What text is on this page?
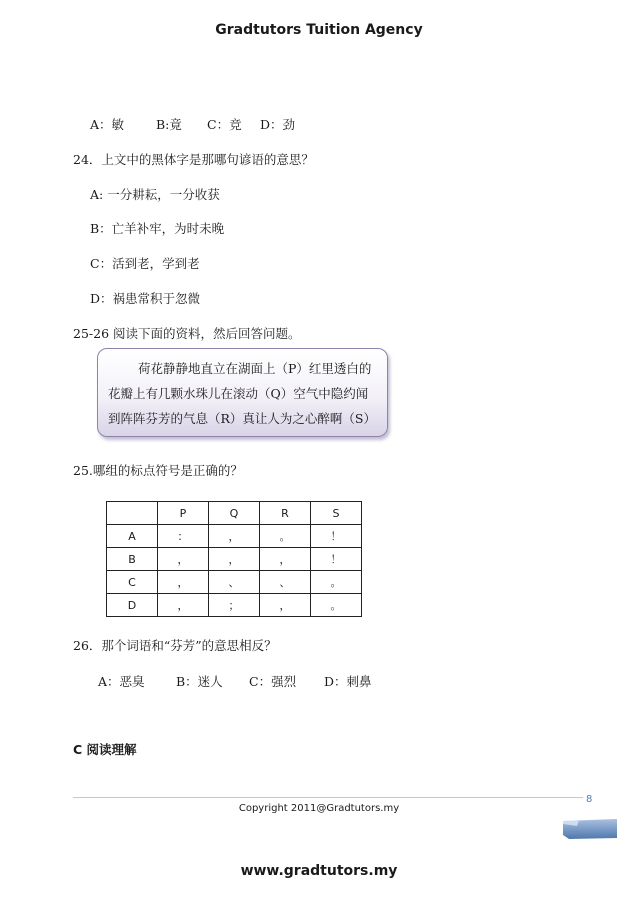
Gradtutors Tuition Agency
A：敏	B:竟 C：竞 D：劲
24．上文中的黑体字是那哪句谚语的意思？
A: 一分耕耘，一分收获
B：亡羊补牢，为时未晚
C：活到老，学到老
D：祸患常积于忽微
25-26 阅读下面的资料，然后回答问题。
荷花静静地直立在湖面上（P）红里透白的
花瓣上有几颗水珠儿在滚动（Q）空气中隐约闻
到阵阵芬芳的气息（R）真让人为之心醉啊（S）
25.哪组的标点符号是正确的？
	P	Q	R	S
A	：	，	。	！
B	，	，	，	！
C	，	、	、	。
D	，	；	，	。
26．那个词语和“芬芳”的意思相反？
A：恶臭	B：迷人 C：强烈 D：刺鼻
C 阅读理解
8
Copyright 2011@Gradtutors.my
www.gradtutors.my
